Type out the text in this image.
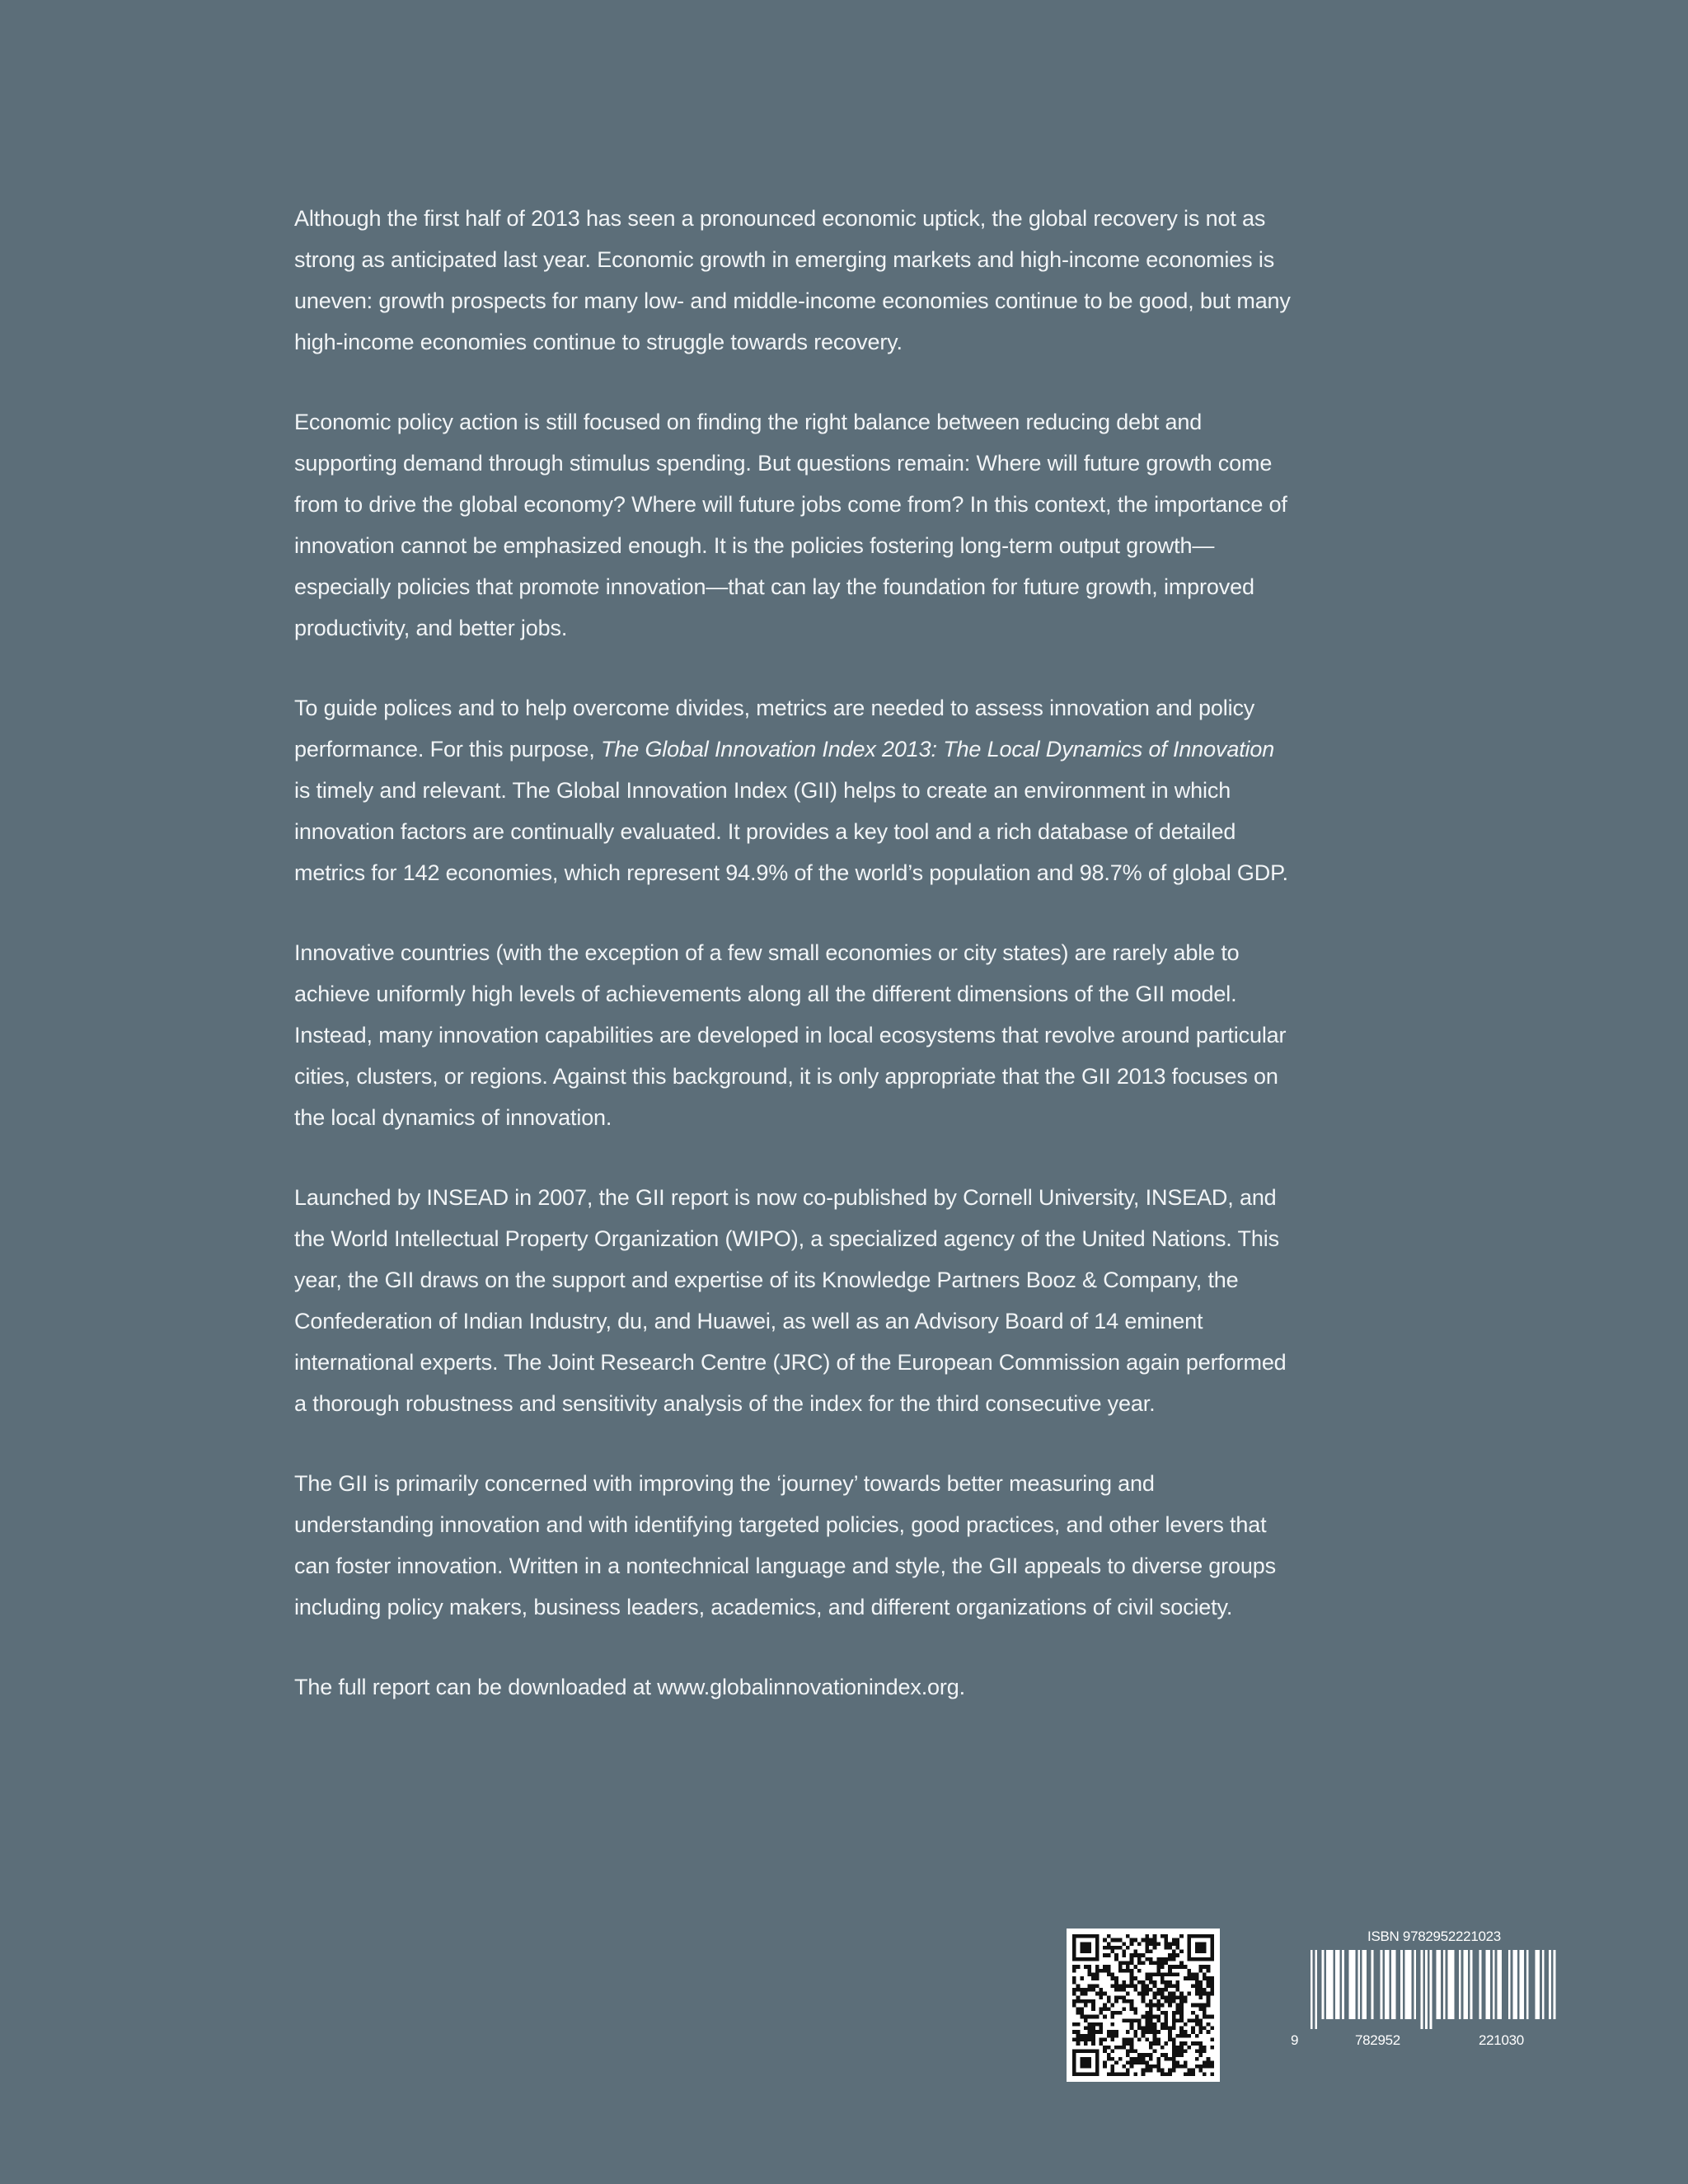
Although the first half of 2013 has seen a pronounced economic uptick, the global recovery is not as strong as anticipated last year. Economic growth in emerging markets and high-income economies is uneven: growth prospects for many low- and middle-income economies continue to be good, but many high-income economies continue to struggle towards recovery.

Economic policy action is still focused on finding the right balance between reducing debt and supporting demand through stimulus spending. But questions remain: Where will future growth come from to drive the global economy? Where will future jobs come from? In this context, the importance of innovation cannot be emphasized enough. It is the policies fostering long-term output growth—especially policies that promote innovation—that can lay the foundation for future growth, improved productivity, and better jobs.

To guide polices and to help overcome divides, metrics are needed to assess innovation and policy performance. For this purpose, The Global Innovation Index 2013: The Local Dynamics of Innovation is timely and relevant. The Global Innovation Index (GII) helps to create an environment in which innovation factors are continually evaluated. It provides a key tool and a rich database of detailed metrics for 142 economies, which represent 94.9% of the world’s population and 98.7% of global GDP.

Innovative countries (with the exception of a few small economies or city states) are rarely able to achieve uniformly high levels of achievements along all the different dimensions of the GII model. Instead, many innovation capabilities are developed in local ecosystems that revolve around particular cities, clusters, or regions. Against this background, it is only appropriate that the GII 2013 focuses on the local dynamics of innovation.

Launched by INSEAD in 2007, the GII report is now co-published by Cornell University, INSEAD, and the World Intellectual Property Organization (WIPO), a specialized agency of the United Nations. This year, the GII draws on the support and expertise of its Knowledge Partners Booz & Company, the Confederation of Indian Industry, du, and Huawei, as well as an Advisory Board of 14 eminent international experts. The Joint Research Centre (JRC) of the European Commission again performed a thorough robustness and sensitivity analysis of the index for the third consecutive year.

The GII is primarily concerned with improving the ‘journey’ towards better measuring and understanding innovation and with identifying targeted policies, good practices, and other levers that can foster innovation. Written in a nontechnical language and style, the GII appeals to diverse groups including policy makers, business leaders, academics, and different organizations of civil society.

The full report can be downloaded at www.globalinnovationindex.org.

ISBN 9782952221023
9	782952	221030
